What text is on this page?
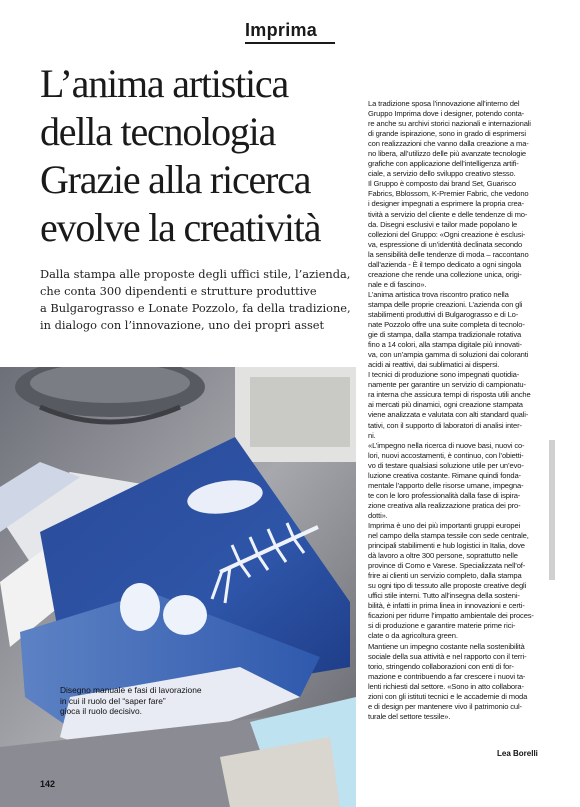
Imprima
L’anima artistica
della tecnologia
Grazie alla ricerca
evolve la creatività
Dalla stampa alle proposte degli uffici stile, l’azienda,
che conta 300 dipendenti e strutture produttive
a Bulgarograsso e Lonate Pozzolo, fa della tradizione,
in dialogo con l’innovazione, uno dei propri asset
Disegno manuale e fasi di lavorazione
in cui il ruolo del “saper fare”
gioca il ruolo decisivo.
142
La tradizione sposa l’innovazione all’interno del
Gruppo Imprima dove i designer, potendo conta-
re anche su archivi storici nazionali e internazionali
di grande ispirazione, sono in grado di esprimersi
con realizzazioni che vanno dalla creazione a ma-
no libera, all’utilizzo delle più avanzate tecnologie
grafiche con applicazione dell’intelligenza artifi-
ciale, a servizio dello sviluppo creativo stesso.
Il Gruppo è composto dai brand Set, Guarisco
Fabrics, Bblossom, K-Premier Fabric, che vedono
i designer impegnati a esprimere la propria crea-
tività a servizio del cliente e delle tendenze di mo-
da. Disegni esclusivi e tailor made popolano le
collezioni del Gruppo: «Ogni creazione è esclusi-
va, espressione di un’identità declinata secondo
la sensibilità delle tendenze di moda – raccontano
dall’azienda - È il tempo dedicato a ogni singola
creazione che rende una collezione unica, origi-
nale e di fascino».
L’anima artistica trova riscontro pratico nella
stampa delle proprie creazioni. L’azienda con gli
stabilimenti produttivi di Bulgarograsso e di Lo-
nate Pozzolo offre una suite completa di tecnolo-
gie di stampa, dalla stampa tradizionale rotativa
fino a 14 colori, alla stampa digitale più innovati-
va, con un’ampia gamma di soluzioni dai coloranti
acidi ai reattivi, dai sublimatici ai dispersi.
I tecnici di produzione sono impegnati quotidia-
namente per garantire un servizio di campionatu-
ra interna che assicura tempi di risposta utili anche
ai mercati più dinamici, ogni creazione stampata
viene analizzata e valutata con alti standard quali-
tativi, con il supporto di laboratori di analisi inter-
ni.
«L’impegno nella ricerca di nuove basi, nuovi co-
lori, nuovi accostamenti, è continuo, con l’obietti-
vo di testare qualsiasi soluzione utile per un’evo-
luzione creativa costante. Rimane quindi fonda-
mentale l’apporto delle risorse umane, impegna-
te con le loro professionalità dalla fase di ispira-
zione creativa alla realizzazione pratica dei pro-
dotti».
Imprima è uno dei più importanti gruppi europei
nel campo della stampa tessile con sede centrale,
principali stabilimenti e hub logistici in Italia, dove
dà lavoro a oltre 300 persone, soprattutto nelle
province di Como e Varese. Specializzata nell’of-
frire ai clienti un servizio completo, dalla stampa
su ogni tipo di tessuto alle proposte creative degli
uffici stile interni. Tutto all’insegna della sosteni-
bilità, è infatti in prima linea in innovazioni e certi-
ficazioni per ridurre l’impatto ambientale dei proces-
si di produzione e garantire materie prime rici-
clate o da agricoltura green.
Mantiene un impegno costante nella sostenibilità
sociale della sua attività e nel rapporto con il terri-
torio, stringendo collaborazioni con enti di for-
mazione e contribuendo a far crescere i nuovi ta-
lenti richiesti dal settore. «Sono in atto collabora-
zioni con gli istituti tecnici e le accademie di moda
e di design per mantenere vivo il patrimonio cul-
turale del settore tessile».
Lea Borelli
